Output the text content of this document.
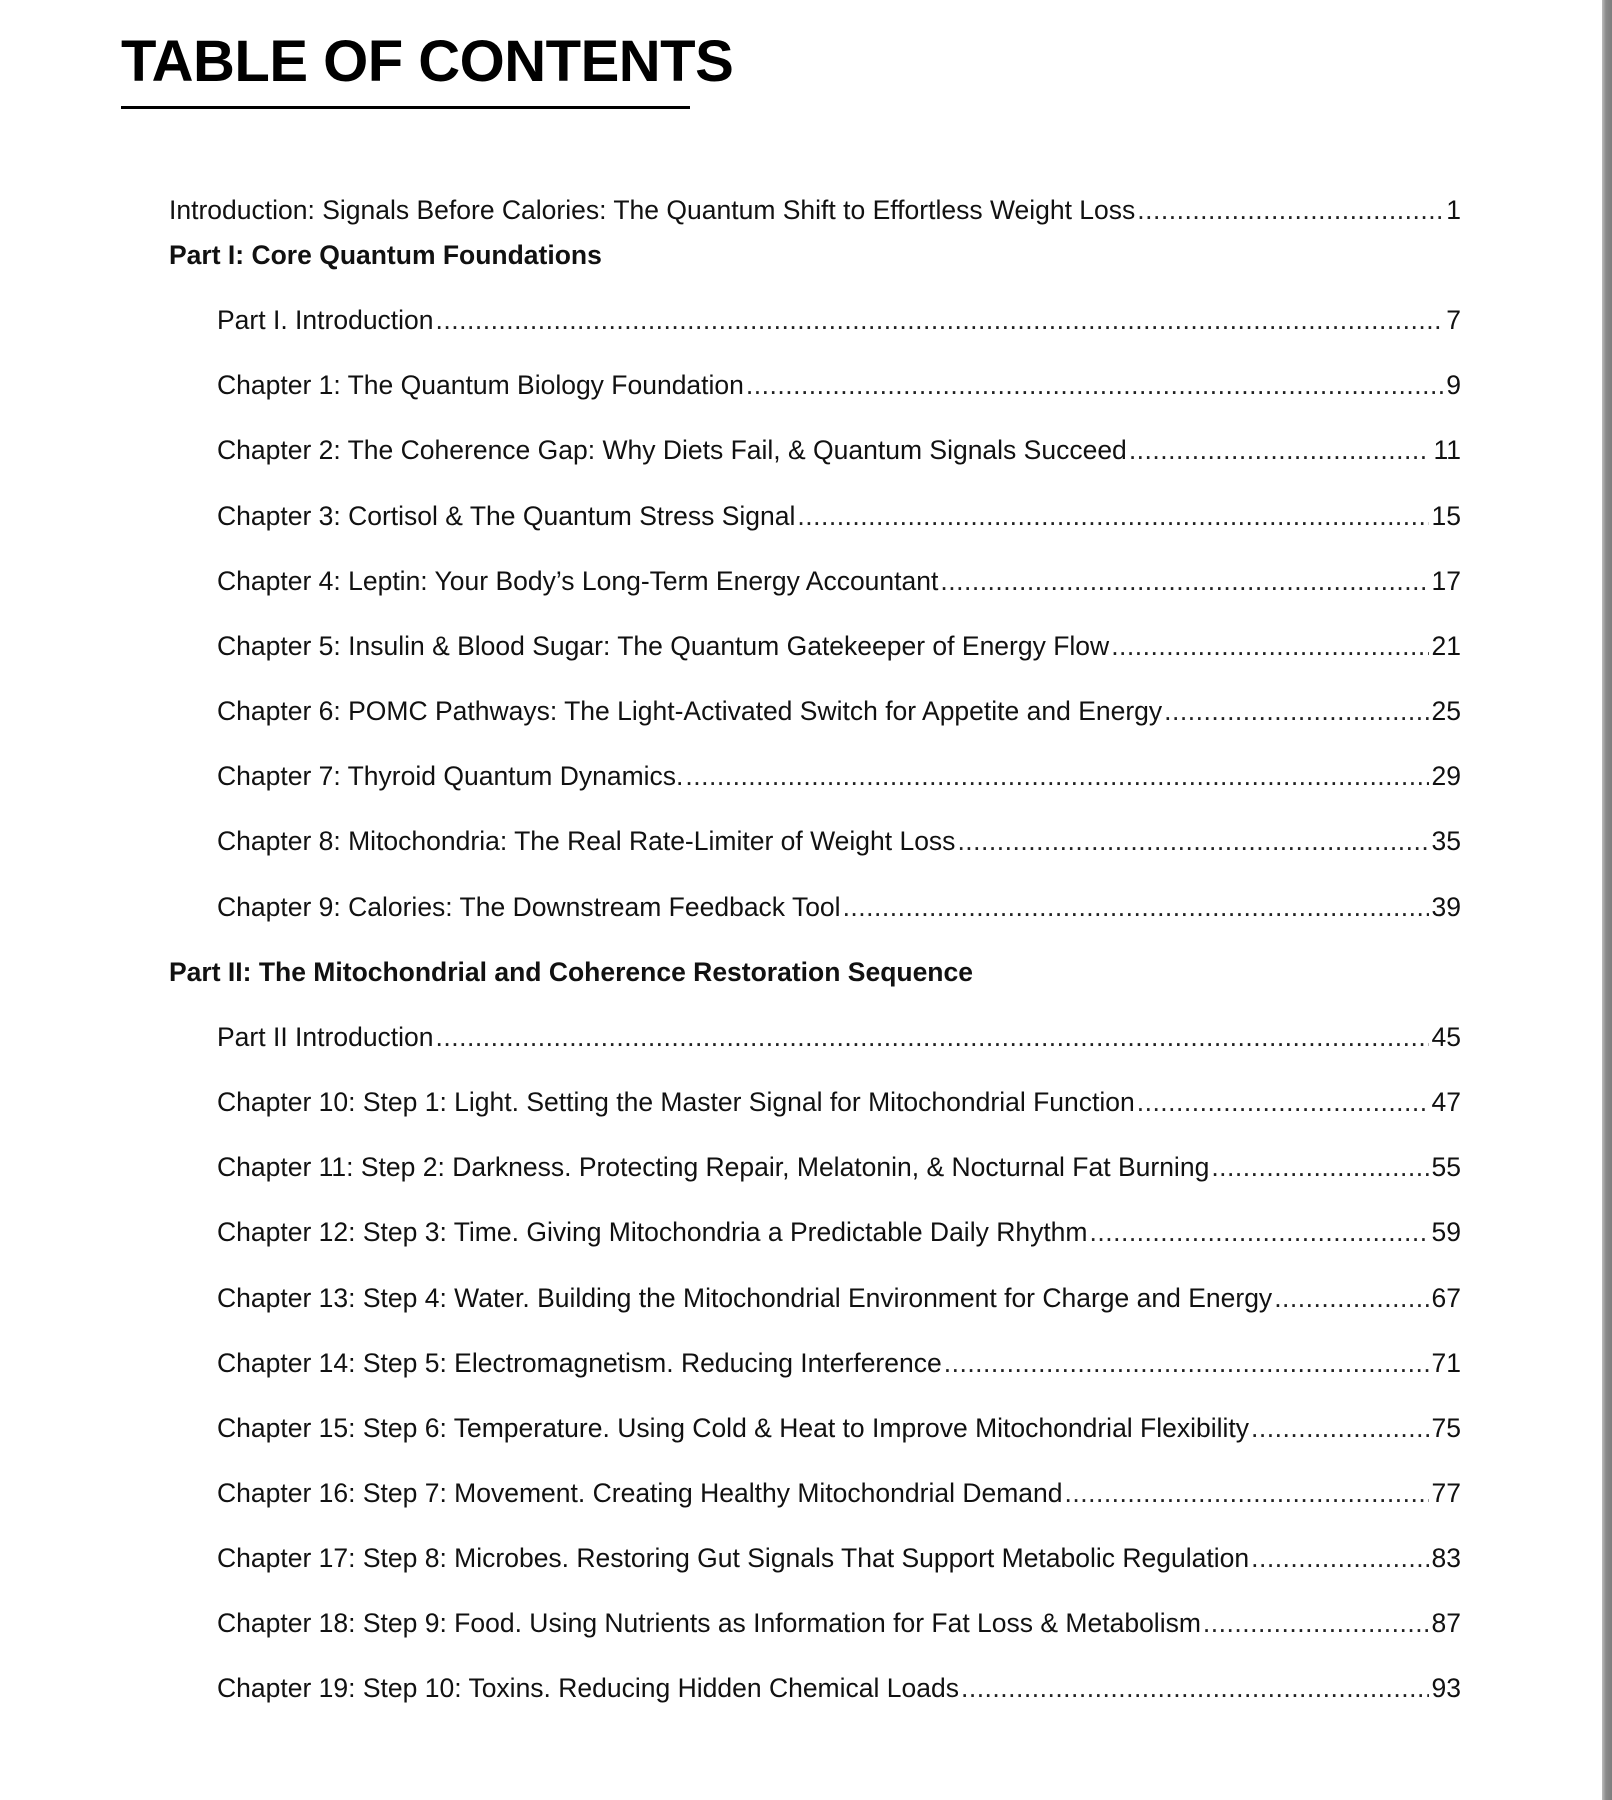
TABLE OF CONTENTS
Introduction: Signals Before Calories: The Quantum Shift to Effortless Weight Loss .....	1
Part I: Core Quantum Foundations
Part I. Introduction .....	7
Chapter 1: The Quantum Biology Foundation .....	9
Chapter 2: The Coherence Gap: Why Diets Fail, & Quantum Signals Succeed .....	11
Chapter 3: Cortisol & The Quantum Stress Signal .....	15
Chapter 4: Leptin: Your Body’s Long-Term Energy Accountant .....	17
Chapter 5: Insulin & Blood Sugar: The Quantum Gatekeeper of Energy Flow .....	21
Chapter 6: POMC Pathways: The Light-Activated Switch for Appetite and Energy .....	25
Chapter 7: Thyroid Quantum Dynamics. .....	29
Chapter 8: Mitochondria: The Real Rate-Limiter of Weight Loss .....	35
Chapter 9: Calories: The Downstream Feedback Tool .....	39
Part II: The Mitochondrial and Coherence Restoration Sequence
Part II Introduction .....	45
Chapter 10: Step 1: Light. Setting the Master Signal for Mitochondrial Function .....	47
Chapter 11: Step 2: Darkness. Protecting Repair, Melatonin, & Nocturnal Fat Burning .....	55
Chapter 12: Step 3: Time. Giving Mitochondria a Predictable Daily Rhythm .....	59
Chapter 13: Step 4: Water. Building the Mitochondrial Environment for Charge and Energy .....	67
Chapter 14: Step 5: Electromagnetism. Reducing Interference .....	71
Chapter 15: Step 6: Temperature. Using Cold & Heat to Improve Mitochondrial Flexibility .....	75
Chapter 16: Step 7: Movement. Creating Healthy Mitochondrial Demand .....	77
Chapter 17: Step 8: Microbes. Restoring Gut Signals That Support Metabolic Regulation .....	83
Chapter 18: Step 9: Food. Using Nutrients as Information for Fat Loss & Metabolism .....	87
Chapter 19: Step 10: Toxins. Reducing Hidden Chemical Loads .....	93
